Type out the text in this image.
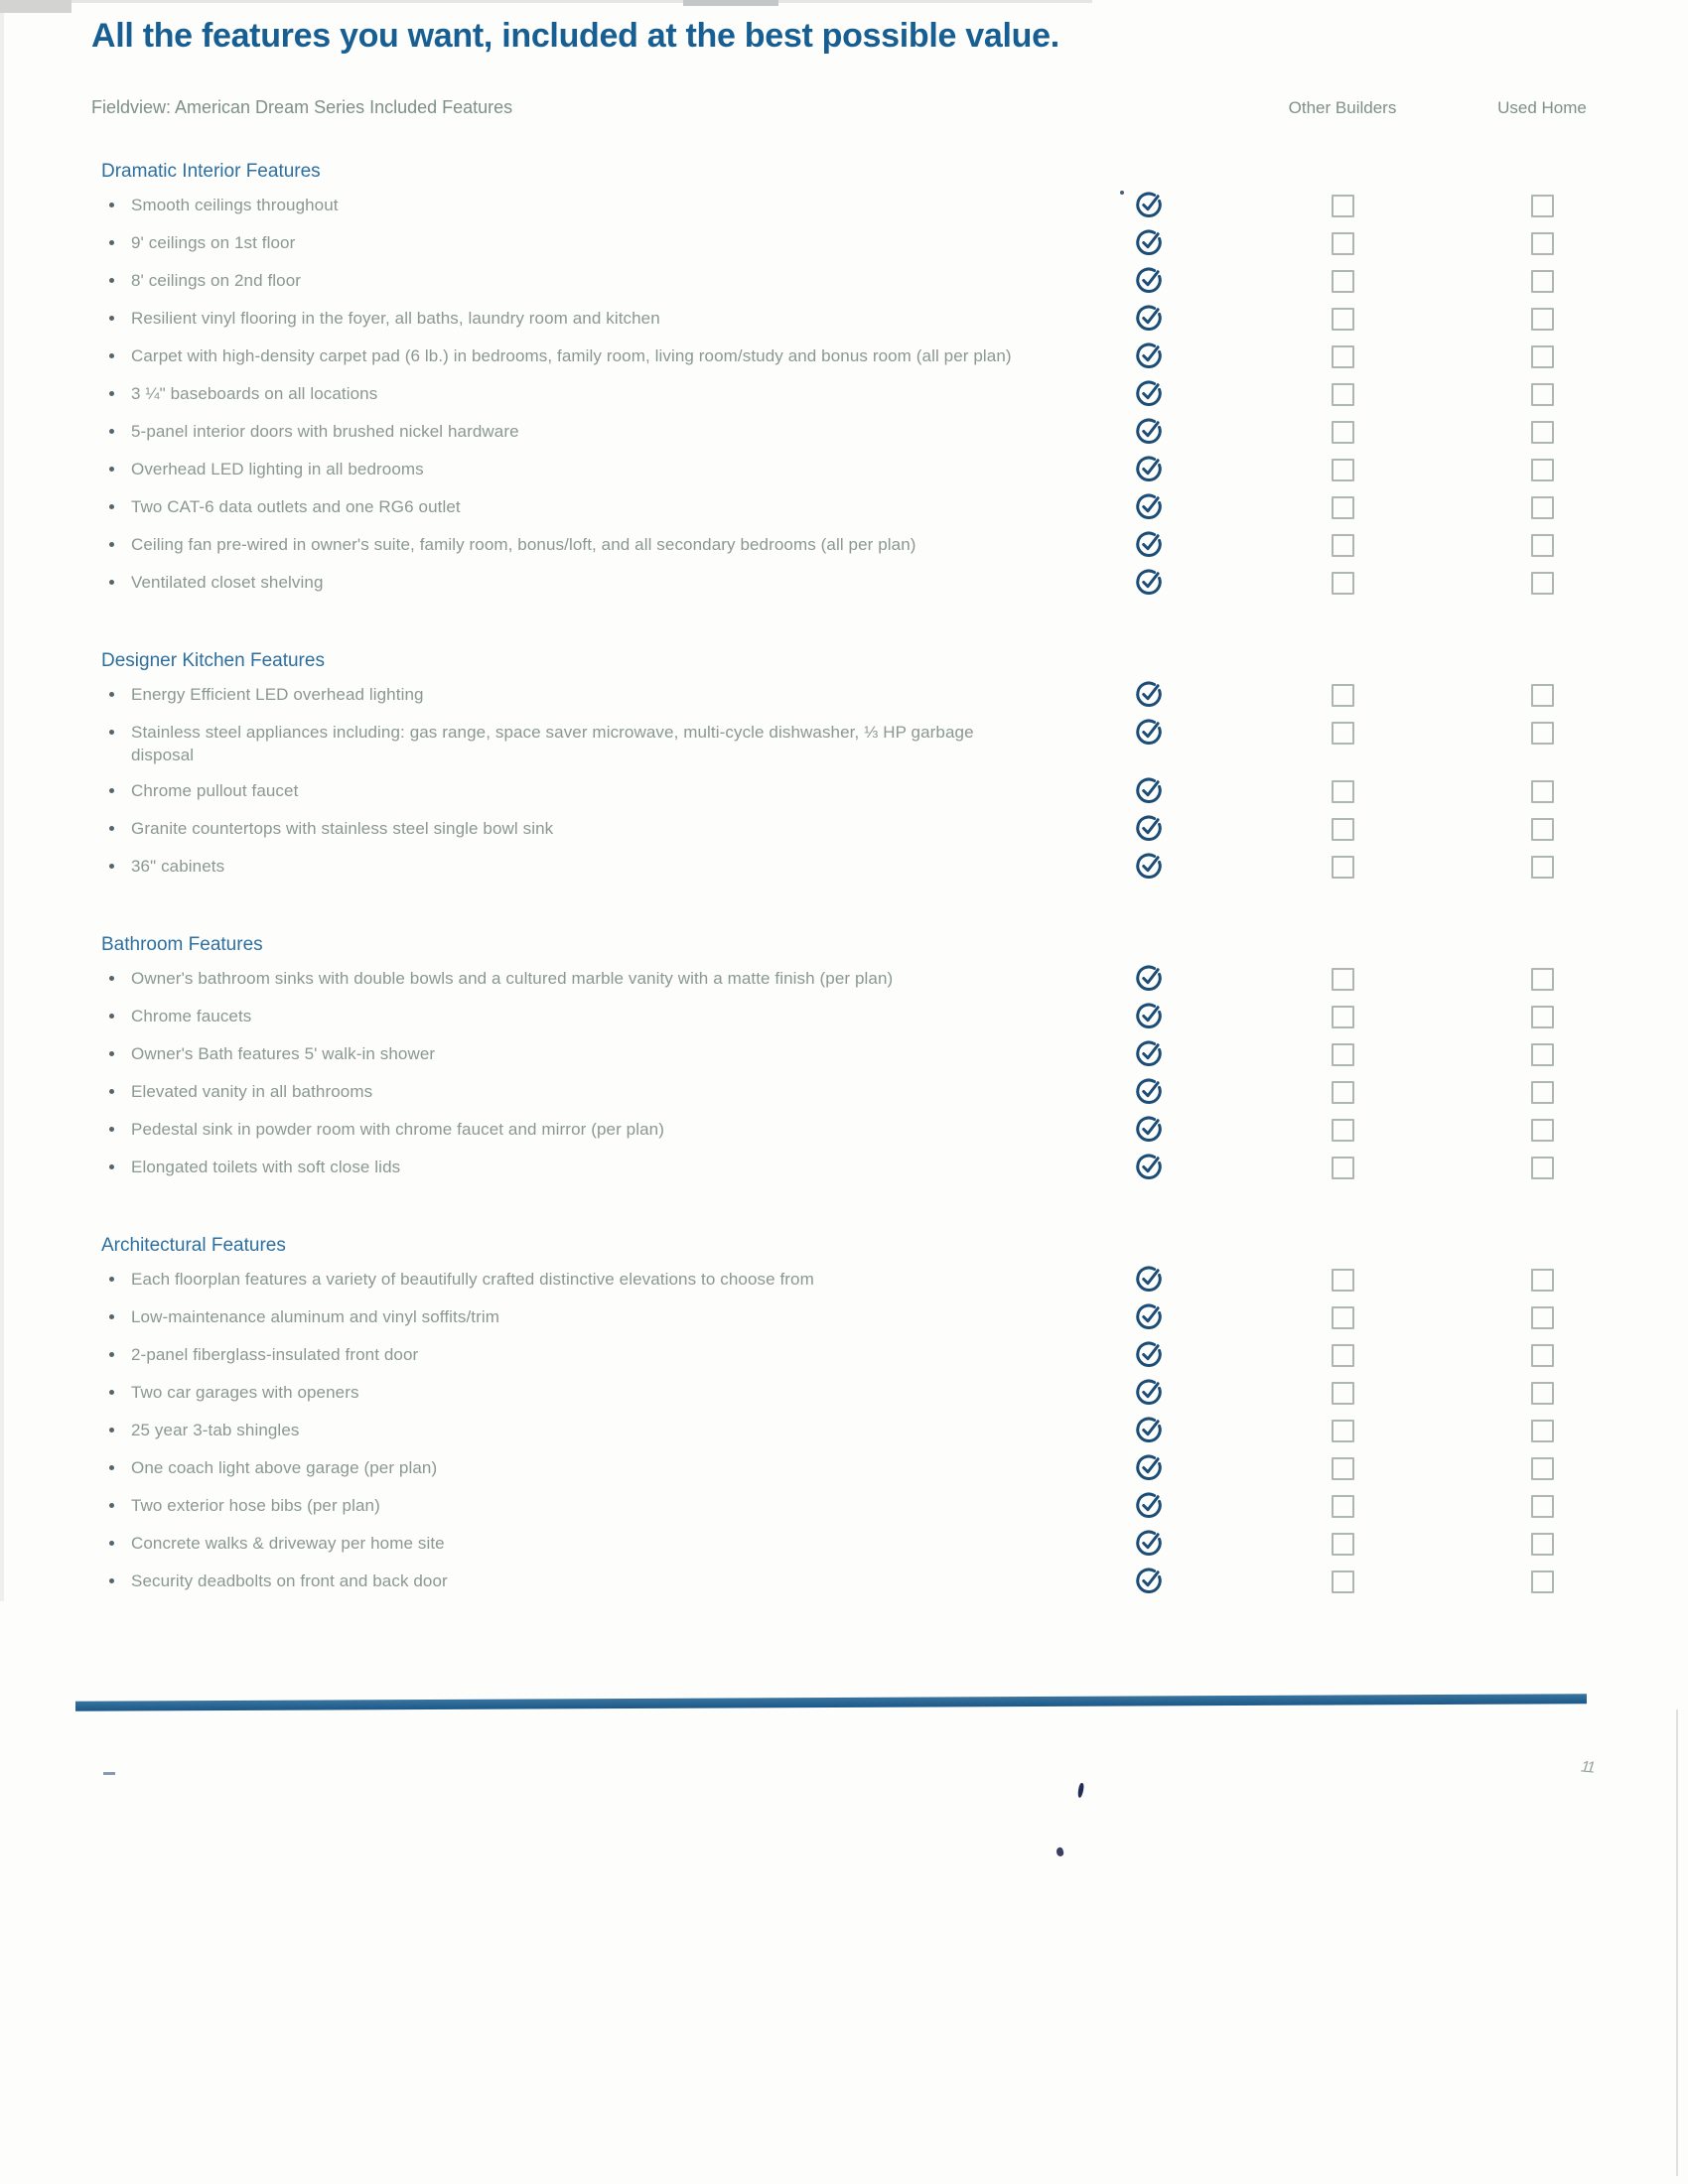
All the features you want, included at the best possible value.
Fieldview: American Dream Series Included Features	Other Builders	Used Home
Dramatic Interior Features
Smooth ceilings throughout
9' ceilings on 1st floor
8' ceilings on 2nd floor
Resilient vinyl flooring in the foyer, all baths, laundry room and kitchen
Carpet with high-density carpet pad (6 lb.) in bedrooms, family room, living room/study and bonus room (all per plan)
3 ¼" baseboards on all locations
5-panel interior doors with brushed nickel hardware
Overhead LED lighting in all bedrooms
Two CAT-6 data outlets and one RG6 outlet
Ceiling fan pre-wired in owner's suite, family room, bonus/loft, and all secondary bedrooms (all per plan)
Ventilated closet shelving
Designer Kitchen Features
Energy Efficient LED overhead lighting
Stainless steel appliances including: gas range, space saver microwave, multi-cycle dishwasher, ⅓ HP garbage disposal
Chrome pullout faucet
Granite countertops with stainless steel single bowl sink
36" cabinets
Bathroom Features
Owner's bathroom sinks with double bowls and a cultured marble vanity with a matte finish (per plan)
Chrome faucets
Owner's Bath features 5' walk-in shower
Elevated vanity in all bathrooms
Pedestal sink in powder room with chrome faucet and mirror (per plan)
Elongated toilets with soft close lids
Architectural Features
Each floorplan features a variety of beautifully crafted distinctive elevations to choose from
Low-maintenance aluminum and vinyl soffits/trim
2-panel fiberglass-insulated front door
Two car garages with openers
25 year 3-tab shingles
One coach light above garage (per plan)
Two exterior hose bibs (per plan)
Concrete walks & driveway per home site
Security deadbolts on front and back door
11
